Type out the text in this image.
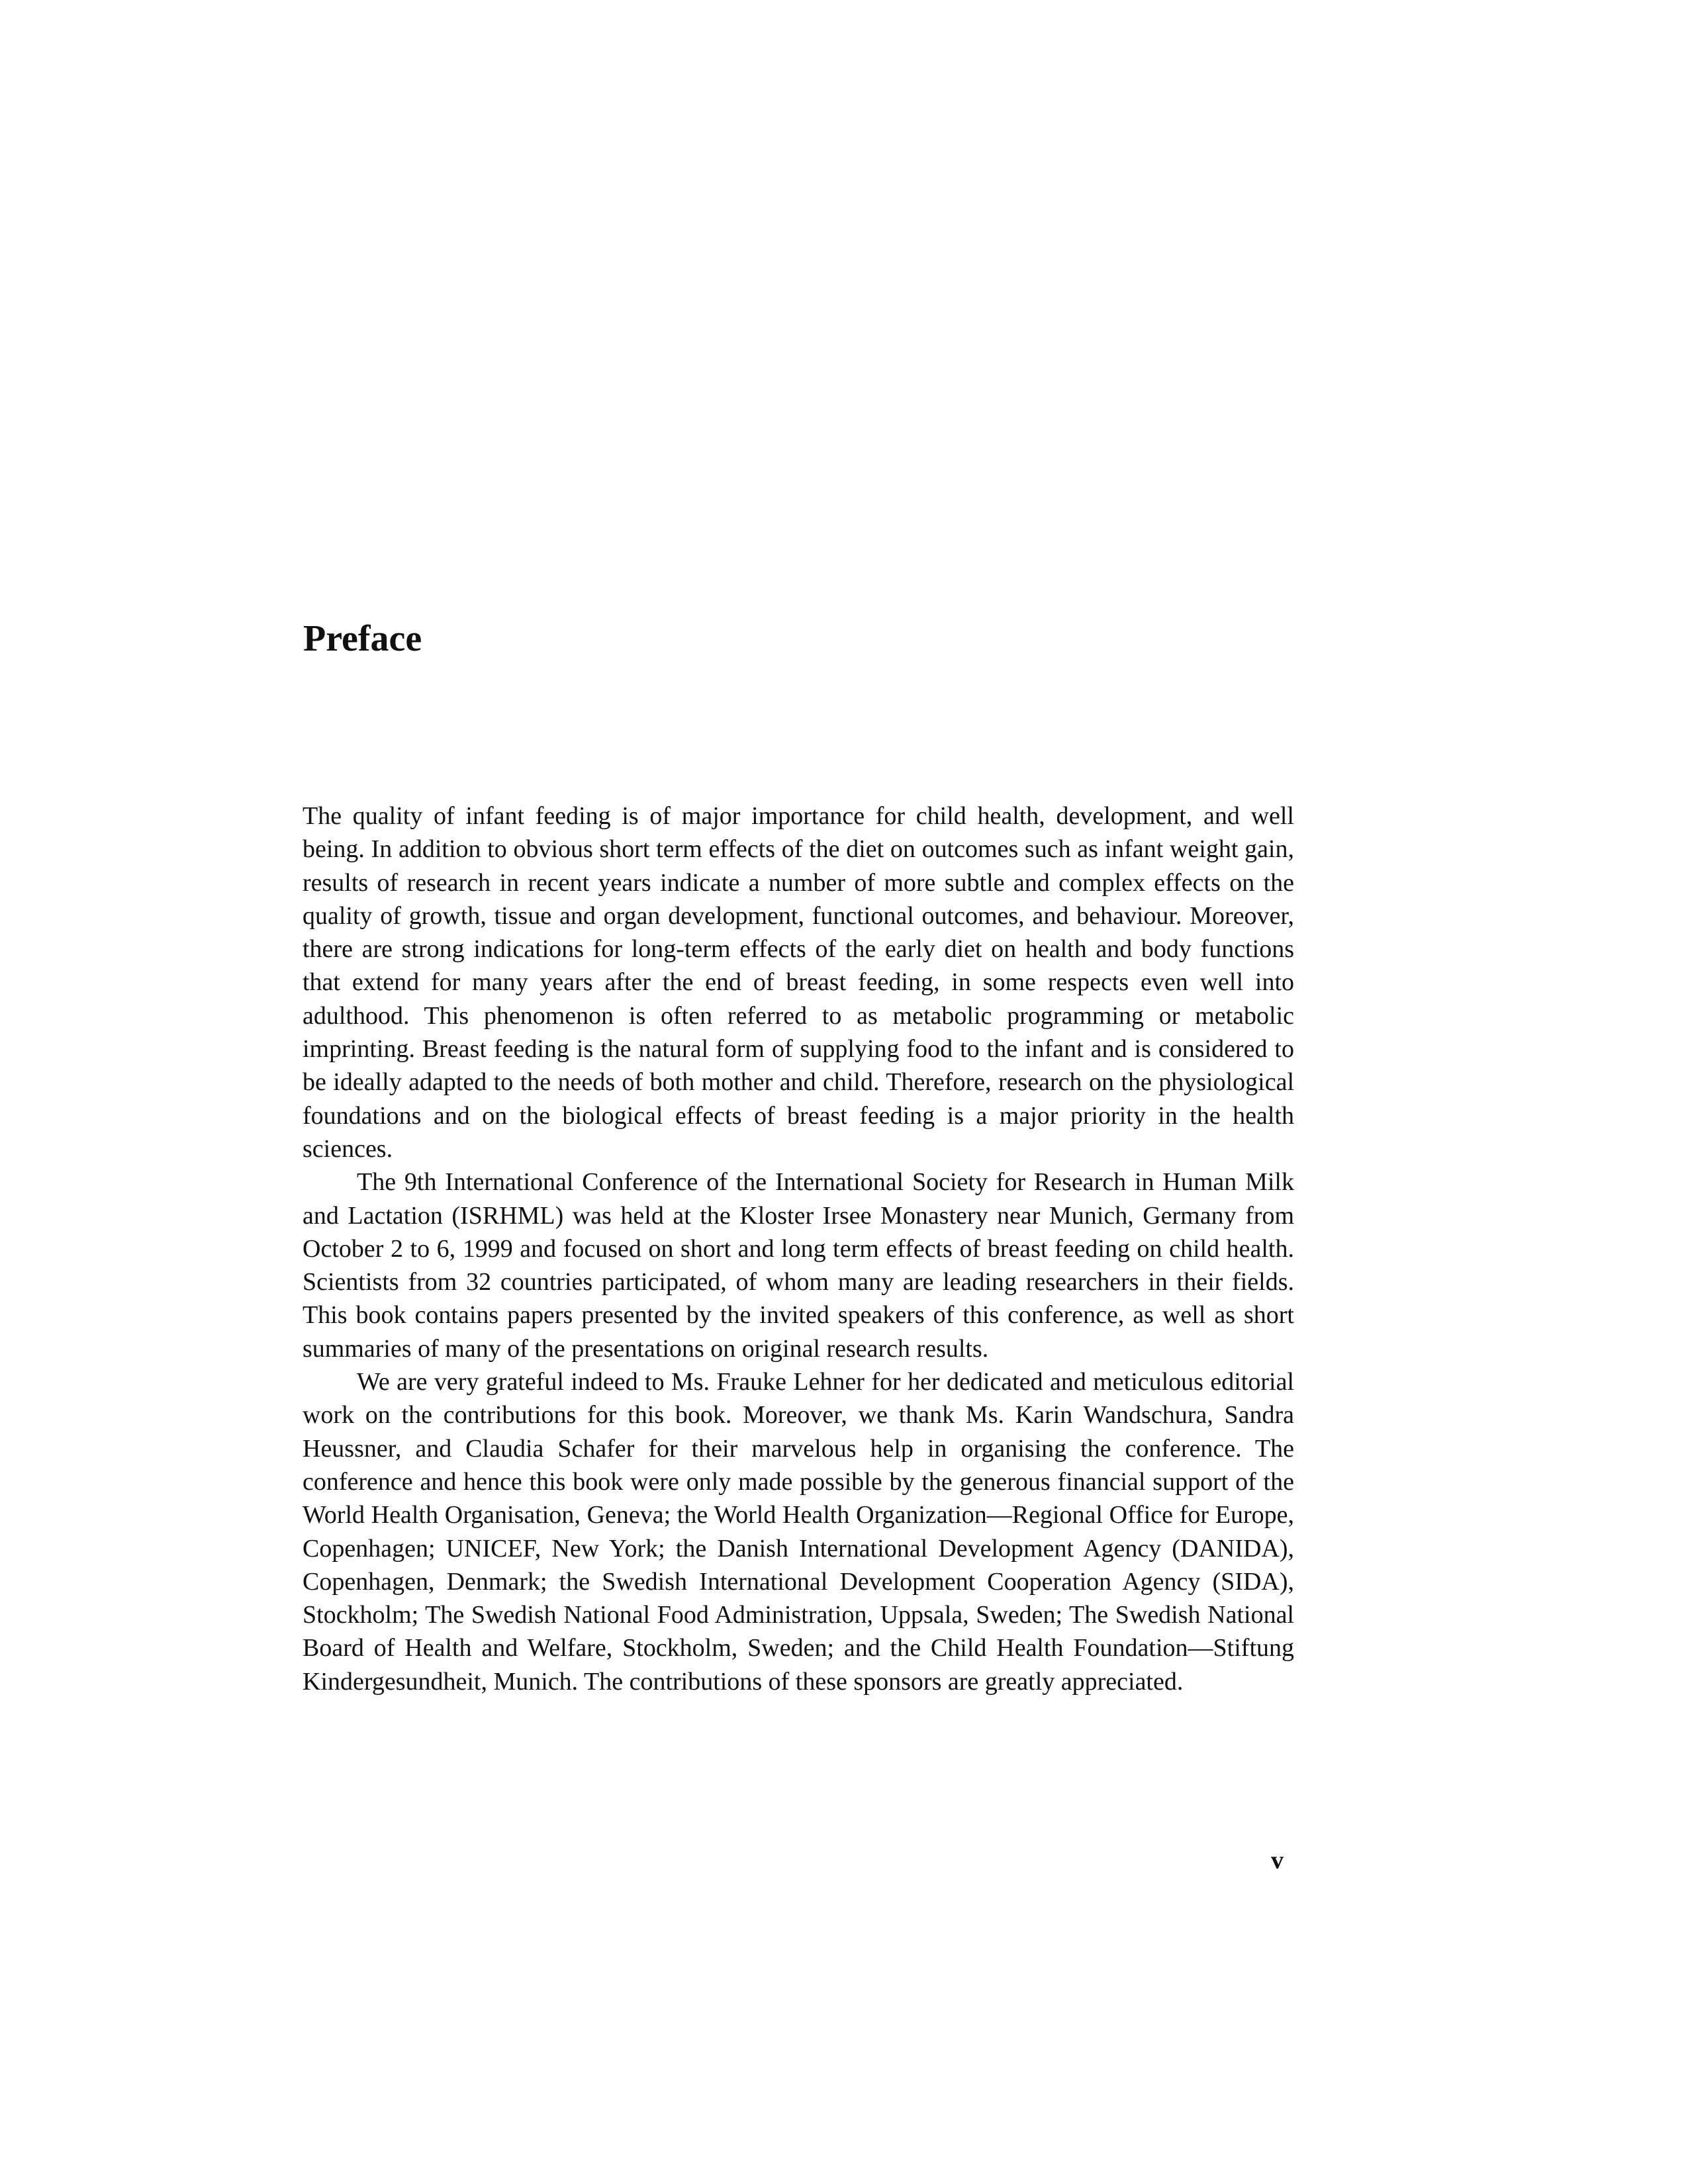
Preface

The quality of infant feeding is of major importance for child health, development, and well being. In addition to obvious short term effects of the diet on outcomes such as infant weight gain, results of research in recent years indicate a number of more subtle and complex effects on the quality of growth, tissue and organ development, functional outcomes, and behaviour. Moreover, there are strong indications for long-term effects of the early diet on health and body functions that extend for many years after the end of breast feeding, in some respects even well into adulthood. This phenomenon is often referred to as metabolic programming or metabolic imprinting. Breast feeding is the natural form of supplying food to the infant and is considered to be ideally adapted to the needs of both mother and child. Therefore, research on the physiological foundations and on the biological effects of breast feeding is a major priority in the health sciences.

The 9th International Conference of the International Society for Research in Human Milk and Lactation (ISRHML) was held at the Kloster Irsee Monastery near Munich, Germany from October 2 to 6, 1999 and focused on short and long term effects of breast feeding on child health. Scientists from 32 countries participated, of whom many are leading researchers in their fields. This book contains papers presented by the invited speakers of this conference, as well as short summaries of many of the presentations on original research results.

We are very grateful indeed to Ms. Frauke Lehner for her dedicated and meticulous editorial work on the contributions for this book. Moreover, we thank Ms. Karin Wandschura, Sandra Heussner, and Claudia Schafer for their marvelous help in organising the conference. The conference and hence this book were only made possible by the generous financial support of the World Health Organisation, Geneva; the World Health Organization—Regional Office for Europe, Copenhagen; UNICEF, New York; the Danish International Development Agency (DANIDA), Copenhagen, Denmark; the Swedish International Development Cooperation Agency (SIDA), Stockholm; The Swedish National Food Administration, Uppsala, Sweden; The Swedish National Board of Health and Welfare, Stockholm, Sweden; and the Child Health Foundation—Stiftung Kindergesundheit, Munich. The contributions of these sponsors are greatly appreciated.

v
